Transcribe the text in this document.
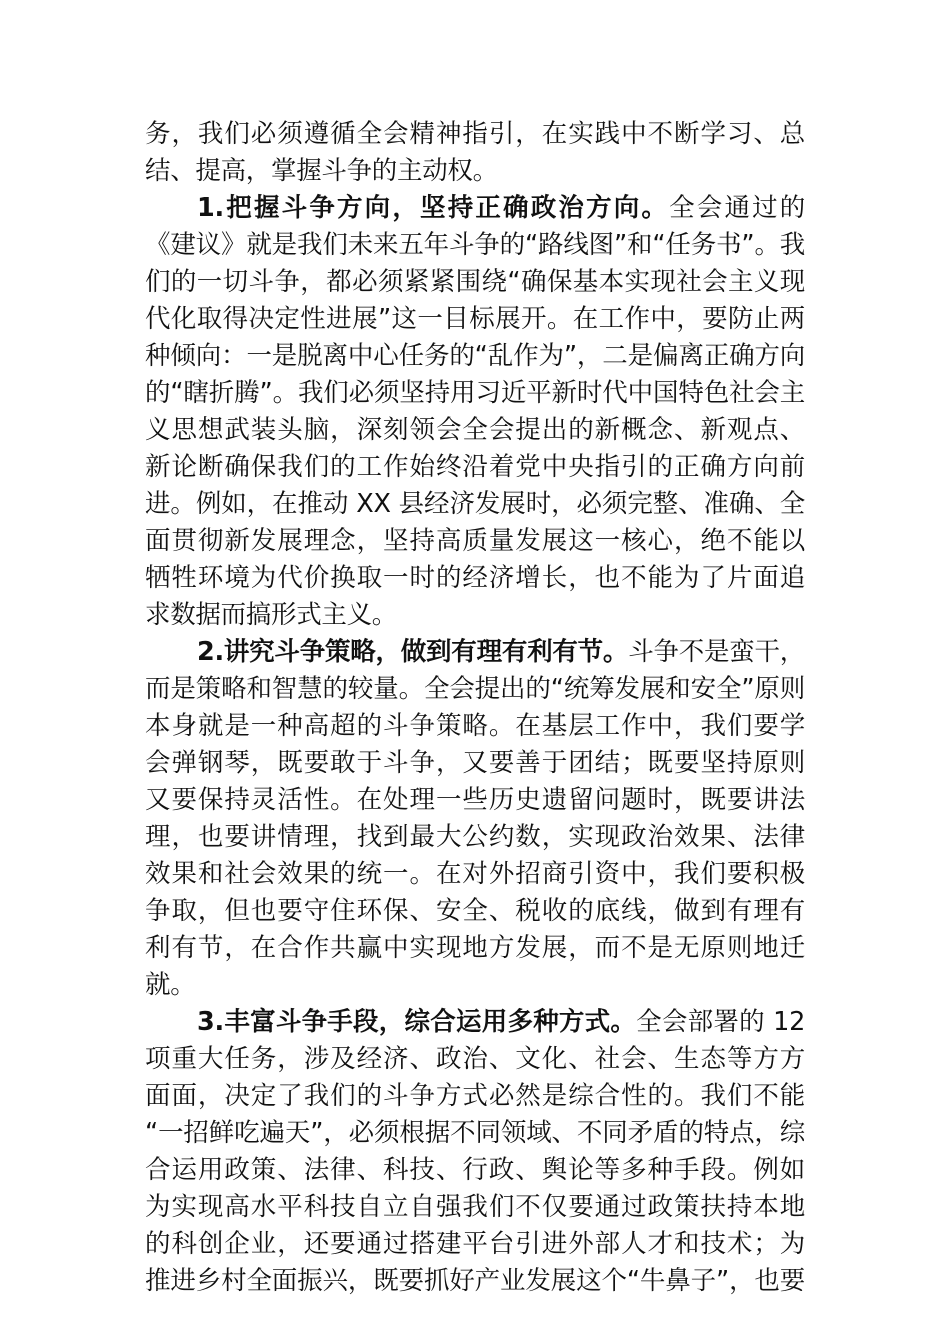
务，我们必须遵循全会精神指引，在实践中不断学习、总
结、提高，掌握斗争的主动权。
1.把握斗争方向，坚持正确政治方向。全会通过的
《建议》就是我们未来五年斗争的“路线图”和“任务书”。我
们的一切斗争，都必须紧紧围绕“确保基本实现社会主义现
代化取得决定性进展”这一目标展开。在工作中，要防止两
种倾向：一是脱离中心任务的“乱作为”，二是偏离正确方向
的“瞎折腾”。我们必须坚持用习近平新时代中国特色社会主
义思想武装头脑，深刻领会全会提出的新概念、新观点、
新论断确保我们的工作始终沿着党中央指引的正确方向前
进。例如，在推动 XX 县经济发展时，必须完整、准确、全
面贯彻新发展理念，坚持高质量发展这一核心，绝不能以
牺牲环境为代价换取一时的经济增长，也不能为了片面追
求数据而搞形式主义。
2.讲究斗争策略，做到有理有利有节。斗争不是蛮干，
而是策略和智慧的较量。全会提出的“统筹发展和安全”原则
本身就是一种高超的斗争策略。在基层工作中，我们要学
会弹钢琴，既要敢于斗争，又要善于团结；既要坚持原则
又要保持灵活性。在处理一些历史遗留问题时，既要讲法
理，也要讲情理，找到最大公约数，实现政治效果、法律
效果和社会效果的统一。在对外招商引资中，我们要积极
争取，但也要守住环保、安全、税收的底线，做到有理有
利有节，在合作共赢中实现地方发展，而不是无原则地迁
就。
3.丰富斗争手段，综合运用多种方式。全会部署的 12
项重大任务，涉及经济、政治、文化、社会、生态等方方
面面，决定了我们的斗争方式必然是综合性的。我们不能
“一招鲜吃遍天”，必须根据不同领域、不同矛盾的特点，综
合运用政策、法律、科技、行政、舆论等多种手段。例如
为实现高水平科技自立自强我们不仅要通过政策扶持本地
的科创企业，还要通过搭建平台引进外部人才和技术；为
推进乡村全面振兴，既要抓好产业发展这个“牛鼻子”，也要
